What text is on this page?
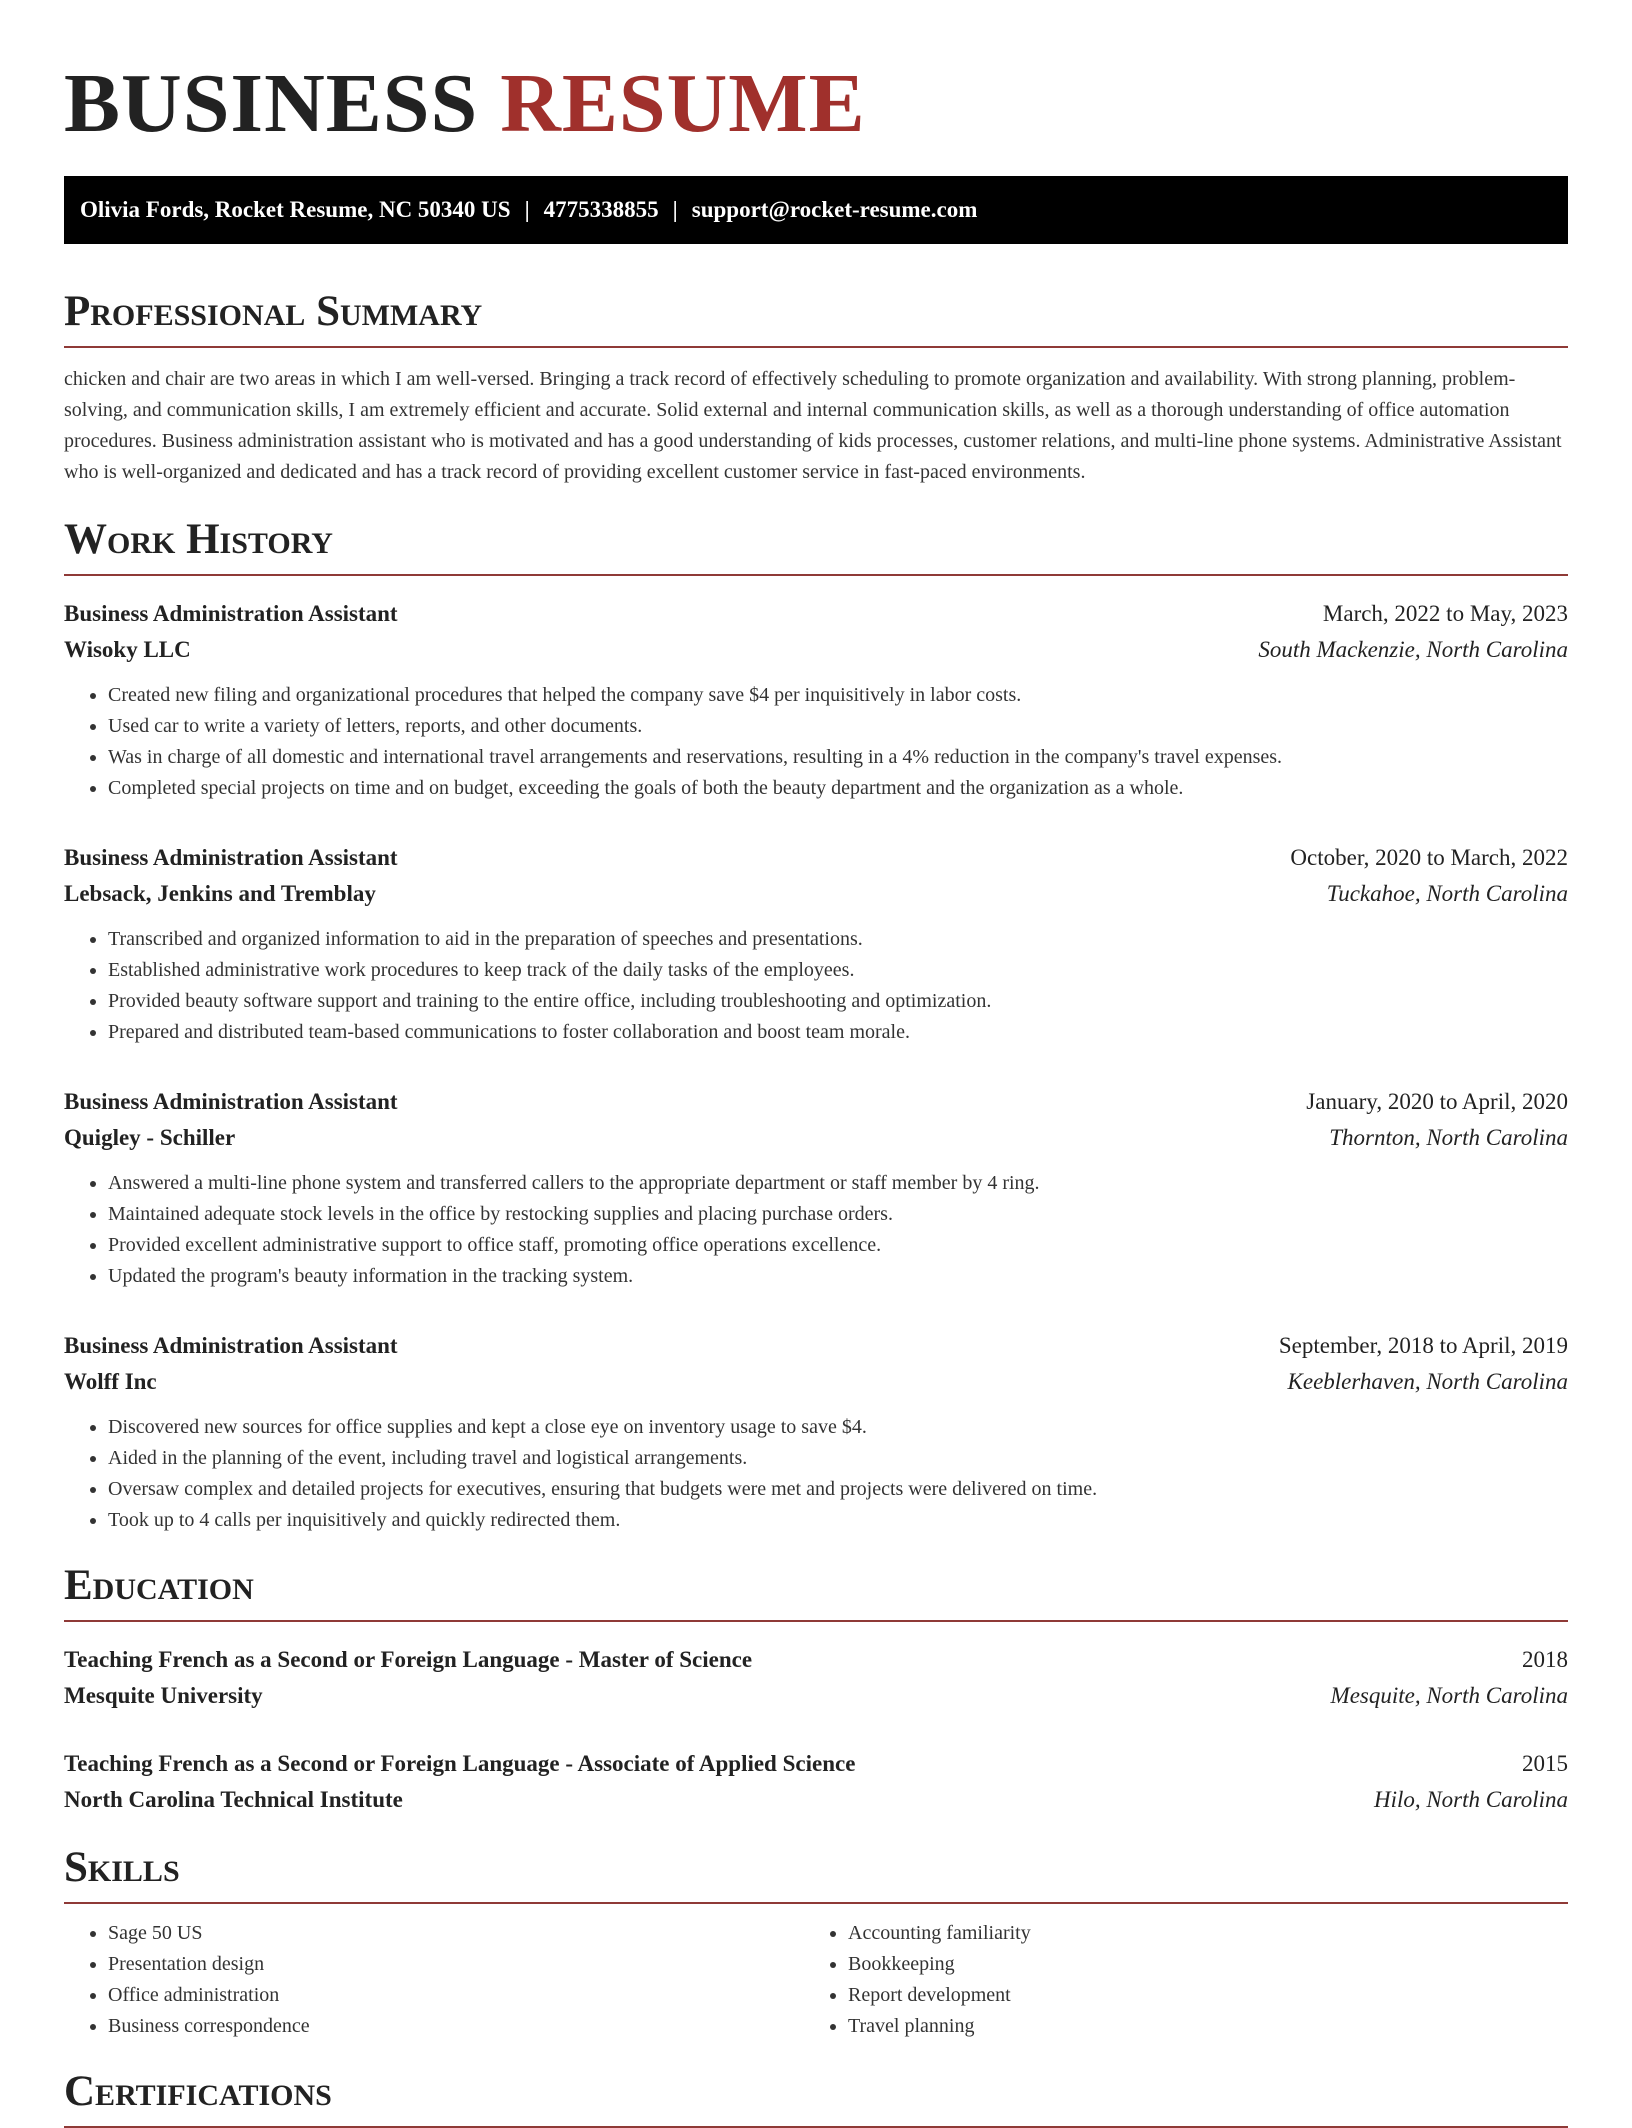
BUSINESS RESUME
Olivia Fords, Rocket Resume, NC 50340 US | 4775338855 | support@rocket-resume.com
Professional Summary
chicken and chair are two areas in which I am well-versed. Bringing a track record of effectively scheduling to promote organization and availability. With strong planning, problem-solving, and communication skills, I am extremely efficient and accurate. Solid external and internal communication skills, as well as a thorough understanding of office automation procedures. Business administration assistant who is motivated and has a good understanding of kids processes, customer relations, and multi-line phone systems. Administrative Assistant who is well-organized and dedicated and has a track record of providing excellent customer service in fast-paced environments.
Work History
Business Administration Assistant	March, 2022 to May, 2023
Wisoky LLC	South Mackenzie, North Carolina
• Created new filing and organizational procedures that helped the company save $4 per inquisitively in labor costs.
• Used car to write a variety of letters, reports, and other documents.
• Was in charge of all domestic and international travel arrangements and reservations, resulting in a 4% reduction in the company's travel expenses.
• Completed special projects on time and on budget, exceeding the goals of both the beauty department and the organization as a whole.
Business Administration Assistant	October, 2020 to March, 2022
Lebsack, Jenkins and Tremblay	Tuckahoe, North Carolina
• Transcribed and organized information to aid in the preparation of speeches and presentations.
• Established administrative work procedures to keep track of the daily tasks of the employees.
• Provided beauty software support and training to the entire office, including troubleshooting and optimization.
• Prepared and distributed team-based communications to foster collaboration and boost team morale.
Business Administration Assistant	January, 2020 to April, 2020
Quigley - Schiller	Thornton, North Carolina
• Answered a multi-line phone system and transferred callers to the appropriate department or staff member by 4 ring.
• Maintained adequate stock levels in the office by restocking supplies and placing purchase orders.
• Provided excellent administrative support to office staff, promoting office operations excellence.
• Updated the program's beauty information in the tracking system.
Business Administration Assistant	September, 2018 to April, 2019
Wolff Inc	Keeblerhaven, North Carolina
• Discovered new sources for office supplies and kept a close eye on inventory usage to save $4.
• Aided in the planning of the event, including travel and logistical arrangements.
• Oversaw complex and detailed projects for executives, ensuring that budgets were met and projects were delivered on time.
• Took up to 4 calls per inquisitively and quickly redirected them.
Education
Teaching French as a Second or Foreign Language - Master of Science	2018
Mesquite University	Mesquite, North Carolina
Teaching French as a Second or Foreign Language - Associate of Applied Science	2015
North Carolina Technical Institute	Hilo, North Carolina
Skills
• Sage 50 US
• Presentation design
• Office administration
• Business correspondence
• Accounting familiarity
• Bookkeeping
• Report development
• Travel planning
Certifications
